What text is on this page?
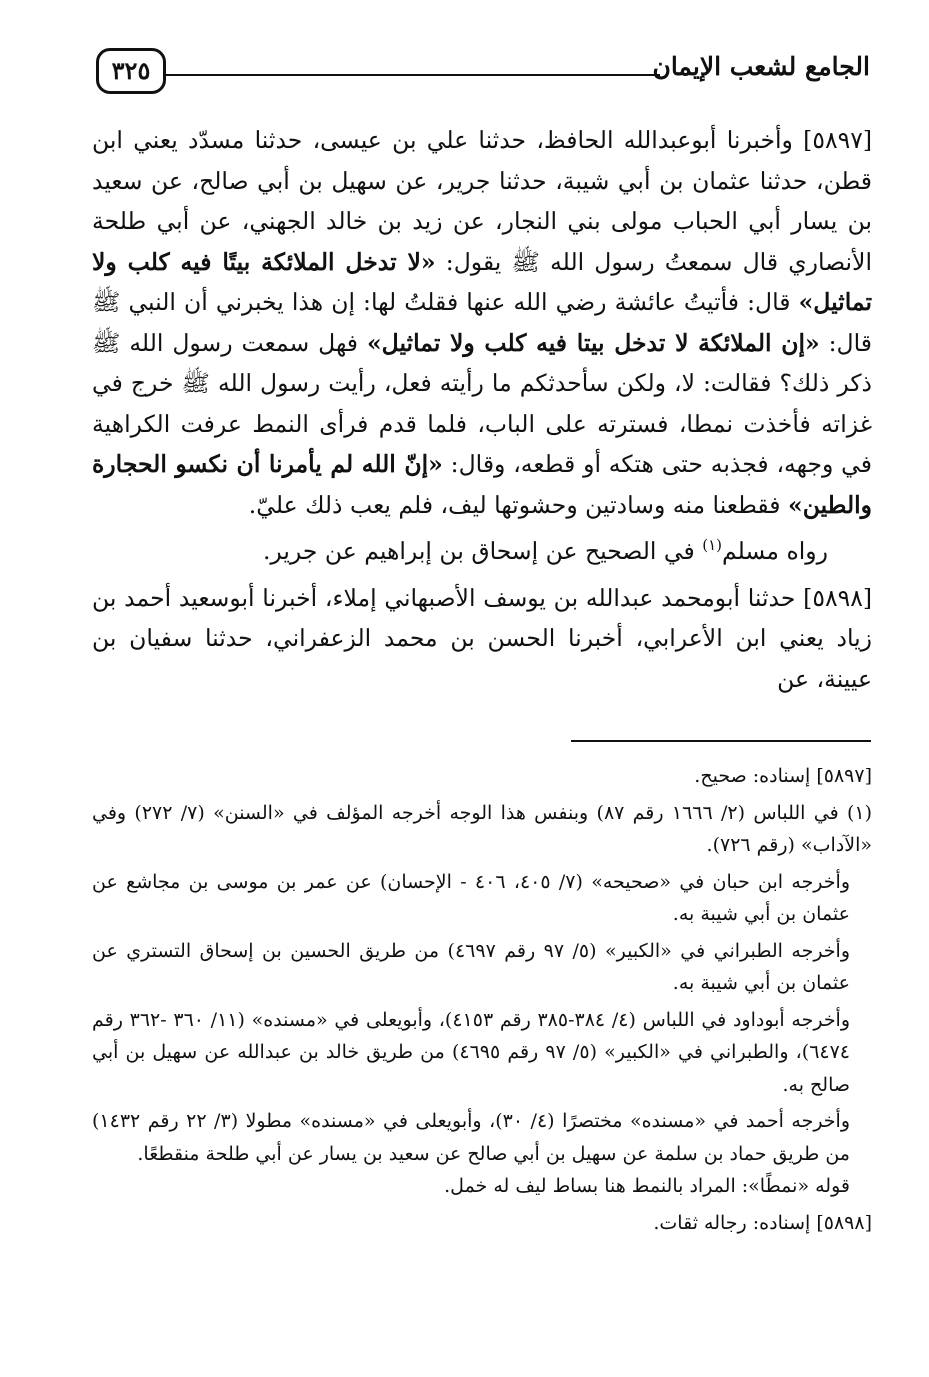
الجامع لشعب الإيمان
٣٢٥

[٥٨٩٧] وأخبرنا أبوعبدالله الحافظ، حدثنا علي بن عيسى، حدثنا مسدّد يعني ابن قطن، حدثنا عثمان بن أبي شيبة، حدثنا جرير، عن سهيل بن أبي صالح، عن سعيد بن يسار أبي الحباب مولى بني النجار، عن زيد بن خالد الجهني، عن أبي طلحة الأنصاري قال سمعتُ رسول الله ﷺ يقول: «لا تدخل الملائكة بيتًا فيه كلب ولا تماثيل» قال: فأتيتُ عائشة رضي الله عنها فقلتُ لها: إن هذا يخبرني أن النبي ﷺ قال: «إن الملائكة لا تدخل بيتا فيه كلب ولا تماثيل» فهل سمعت رسول الله ﷺ ذكر ذلك؟ فقالت: لا، ولكن سأحدثكم ما رأيته فعل، رأيت رسول الله ﷺ خرج في غزاته فأخذت نمطا، فسترته على الباب، فلما قدم فرأى النمط عرفت الكراهية في وجهه، فجذبه حتى هتكه أو قطعه، وقال: «إنّ الله لم يأمرنا أن نكسو الحجارة والطين» فقطعنا منه وسادتين وحشوتها ليف، فلم يعب ذلك عليّ.

رواه مسلم$^{(١)}$ في الصحيح عن إسحاق بن إبراهيم عن جرير.

[٥٨٩٨] حدثنا أبومحمد عبدالله بن يوسف الأصبهاني إملاء، أخبرنا أبوسعيد أحمد بن زياد يعني ابن الأعرابي، أخبرنا الحسن بن محمد الزعفراني، حدثنا سفيان بن عيينة، عن

[٥٨٩٧] إسناده: صحيح.

(١) في اللباس (٢/ ١٦٦٦ رقم ٨٧) وبنفس هذا الوجه أخرجه المؤلف في «السنن» (٧/ ٢٧٢) وفي «الآداب» (رقم ٧٢٦).

وأخرجه ابن حبان في «صحيحه» (٧/ ٤٠٥، ٤٠٦ - الإحسان) عن عمر بن موسى بن مجاشع عن عثمان بن أبي شيبة به.

وأخرجه الطبراني في «الكبير» (٥/ ٩٧ رقم ٤٦٩٧) من طريق الحسين بن إسحاق التستري عن عثمان بن أبي شيبة به.

وأخرجه أبوداود في اللباس (٤/ ٣٨٤-٣٨٥ رقم ٤١٥٣)، وأبويعلى في «مسنده» (١١/ ٣٦٠ -٣٦٢ رقم ٦٤٧٤)، والطبراني في «الكبير» (٥/ ٩٧ رقم ٤٦٩٥) من طريق خالد بن عبدالله عن سهيل بن أبي صالح به.

وأخرجه أحمد في «مسنده» مختصرًا (٤/ ٣٠)، وأبويعلى في «مسنده» مطولا (٣/ ٢٢ رقم ١٤٣٢) من طريق حماد بن سلمة عن سهيل بن أبي صالح عن سعيد بن يسار عن أبي طلحة منقطعًا.

قوله «نمطًا»: المراد بالنمط هنا بساط ليف له خمل.

[٥٨٩٨] إسناده: رجاله ثقات.
